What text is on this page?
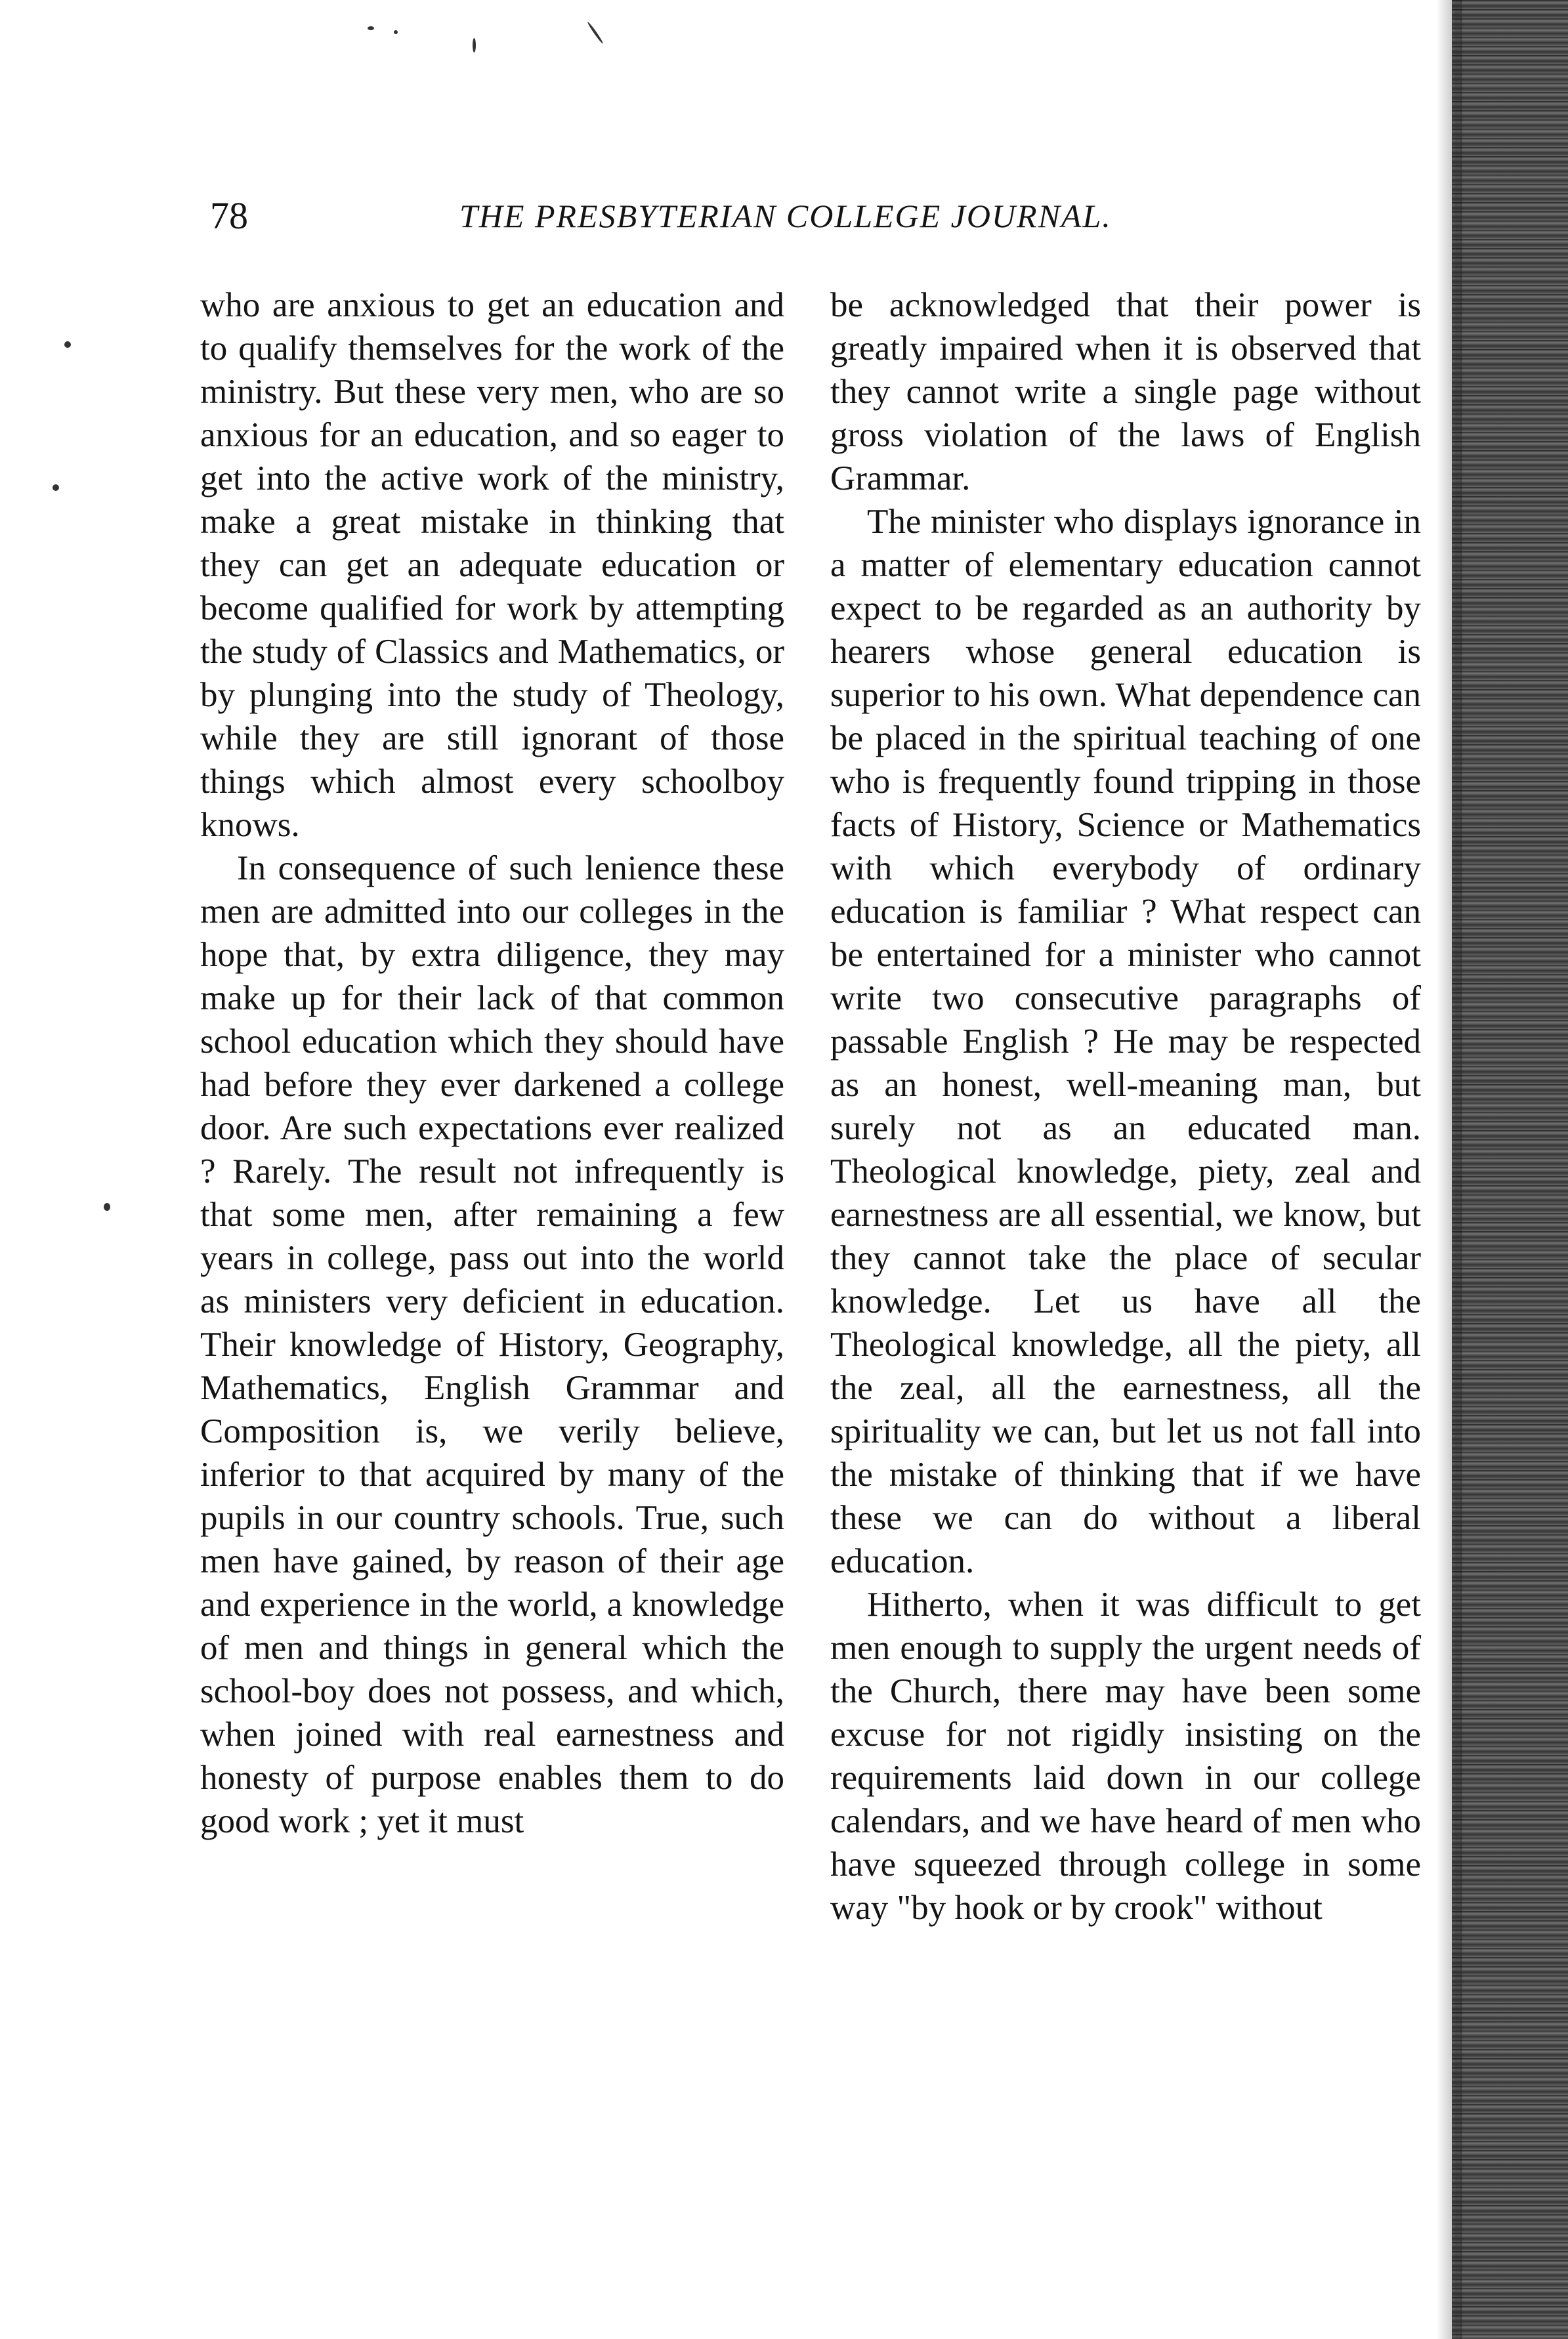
78	THE PRESBYTERIAN COLLEGE JOURNAL.

who are anxious to get an education and to qualify themselves for the work of the ministry. But these very men, who are so anxious for an education, and so eager to get into the active work of the ministry, make a great mistake in thinking that they can get an adequate education or become qualified for work by attempting the study of Classics and Mathematics, or by plunging into the study of Theology, while they are still ignorant of those things which almost every schoolboy knows.

In consequence of such lenience these men are admitted into our colleges in the hope that, by extra diligence, they may make up for their lack of that common school education which they should have had before they ever darkened a college door. Are such expectations ever realized ? Rarely. The result not infrequently is that some men, after remaining a few years in college, pass out into the world as ministers very deficient in education. Their knowledge of History, Geography, Mathematics, English Grammar and Composition is, we verily believe, inferior to that acquired by many of the pupils in our country schools. True, such men have gained, by reason of their age and experience in the world, a knowledge of men and things in general which the school-boy does not possess, and which, when joined with real earnestness and honesty of purpose enables them to do good work ; yet it must

be acknowledged that their power is greatly impaired when it is observed that they cannot write a single page without gross violation of the laws of English Grammar.

The minister who displays ignorance in a matter of elementary education cannot expect to be regarded as an authority by hearers whose general education is superior to his own. What dependence can be placed in the spiritual teaching of one who is frequently found tripping in those facts of History, Science or Mathematics with which everybody of ordinary education is familiar ? What respect can be entertained for a minister who cannot write two consecutive paragraphs of passable English ? He may be respected as an honest, well-meaning man, but surely not as an educated man. Theological knowledge, piety, zeal and earnestness are all essential, we know, but they cannot take the place of secular knowledge. Let us have all the Theological knowledge, all the piety, all the zeal, all the earnestness, all the spirituality we can, but let us not fall into the mistake of thinking that if we have these we can do without a liberal education.

Hitherto, when it was difficult to get men enough to supply the urgent needs of the Church, there may have been some excuse for not rigidly insisting on the requirements laid down in our college calendars, and we have heard of men who have squeezed through college in some way "by hook or by crook" without
